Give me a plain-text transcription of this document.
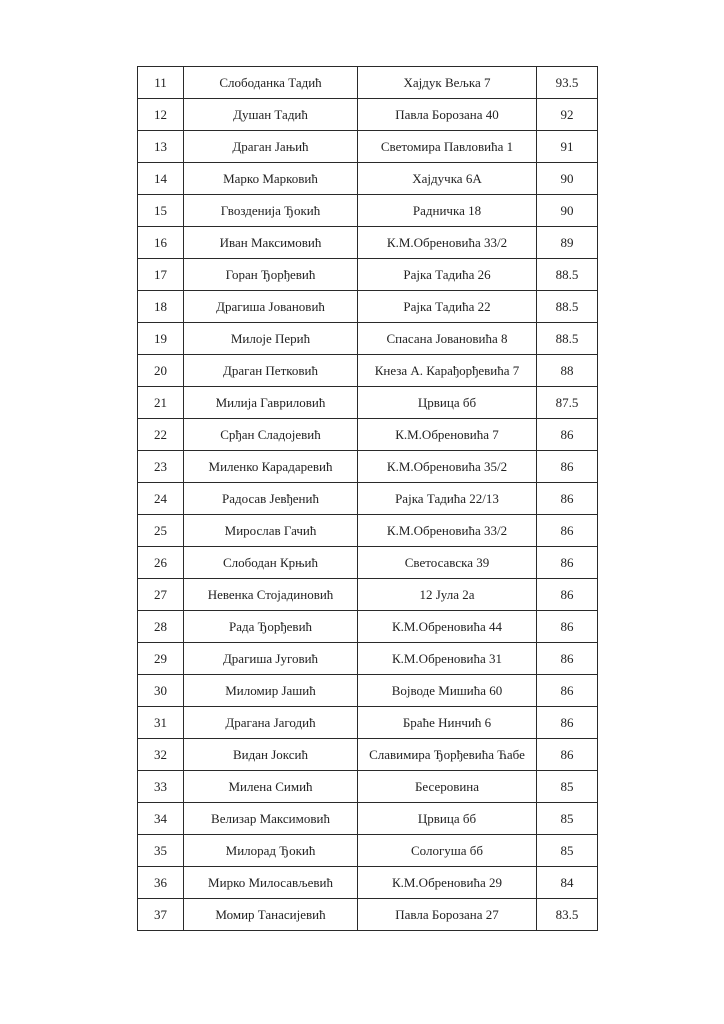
11	Слободанка Тадић	Хајдук Вељка 7	93.5
12	Душан Тадић	Павла Борозана 40	92
13	Драган Јањић	Светомира Павловића 1	91
14	Марко Марковић	Хајдучка 6А	90
15	Гвозденија Ђокић	Радничка 18	90
16	Иван Максимовић	К.М.Обреновића 33/2	89
17	Горан Ђорђевић	Рајка Тадића 26	88.5
18	Драгиша Јовановић	Рајка Тадића 22	88.5
19	Милоје Перић	Спасана Јовановића 8	88.5
20	Драган Петковић	Кнеза А. Карађорђевића 7	88
21	Милија Гавриловић	Црвица бб	87.5
22	Срђан Сладојевић	К.М.Обреновића 7	86
23	Миленко Карадаревић	К.М.Обреновића 35/2	86
24	Радосав Јевђенић	Рајка Тадића 22/13	86
25	Мирослав Гачић	К.М.Обреновића 33/2	86
26	Слободан Крњић	Светосавска 39	86
27	Невенка Стојадиновић	12 Јула 2а	86
28	Рада Ђорђевић	К.М.Обреновића 44	86
29	Драгиша Југовић	К.М.Обреновића 31	86
30	Миломир Јашић	Војводе Мишића 60	86
31	Драгана Јагодић	Браће Нинчић 6	86
32	Видан Јоксић	Славимира Ђорђевића Ћабе	86
33	Милена Симић	Бесеровина	85
34	Велизар Максимовић	Црвица бб	85
35	Милорад Ђокић	Сологуша бб	85
36	Мирко Милосављевић	К.М.Обреновића 29	84
37	Момир Танасијевић	Павла Борозана 27	83.5
